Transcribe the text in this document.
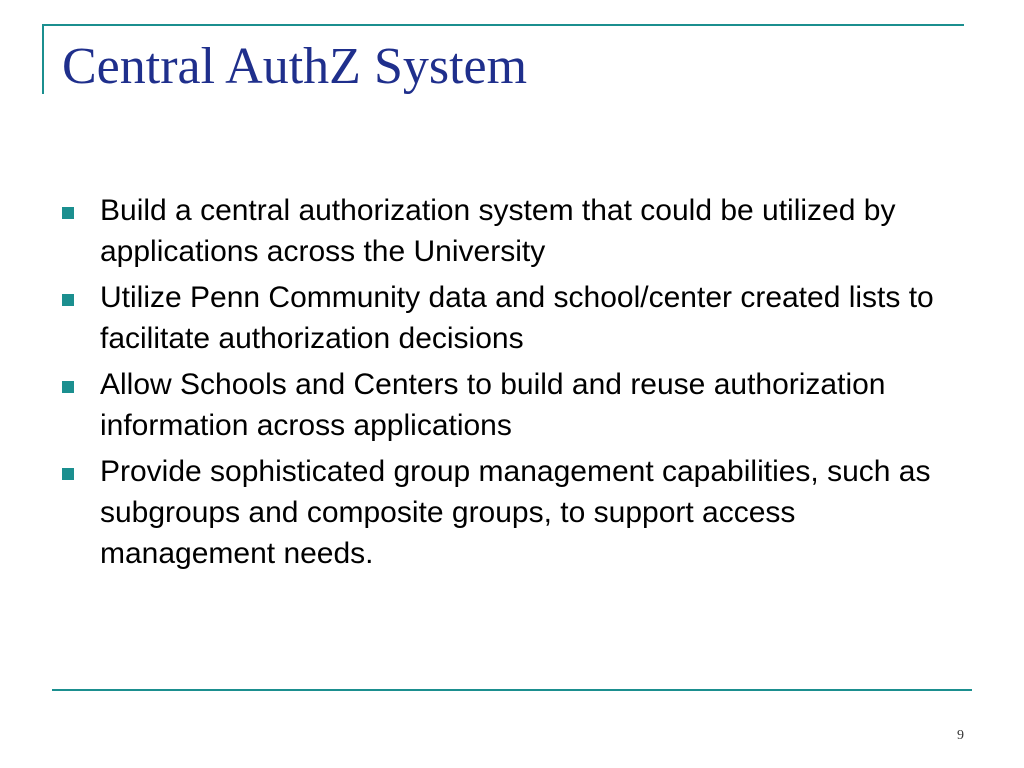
Central AuthZ System
Build a central authorization system that could be utilized by applications across the University
Utilize Penn Community data and school/center created lists to facilitate authorization decisions
Allow Schools and Centers to build and reuse authorization information across applications
Provide sophisticated group management capabilities, such as subgroups and composite groups, to support access management needs.
9
